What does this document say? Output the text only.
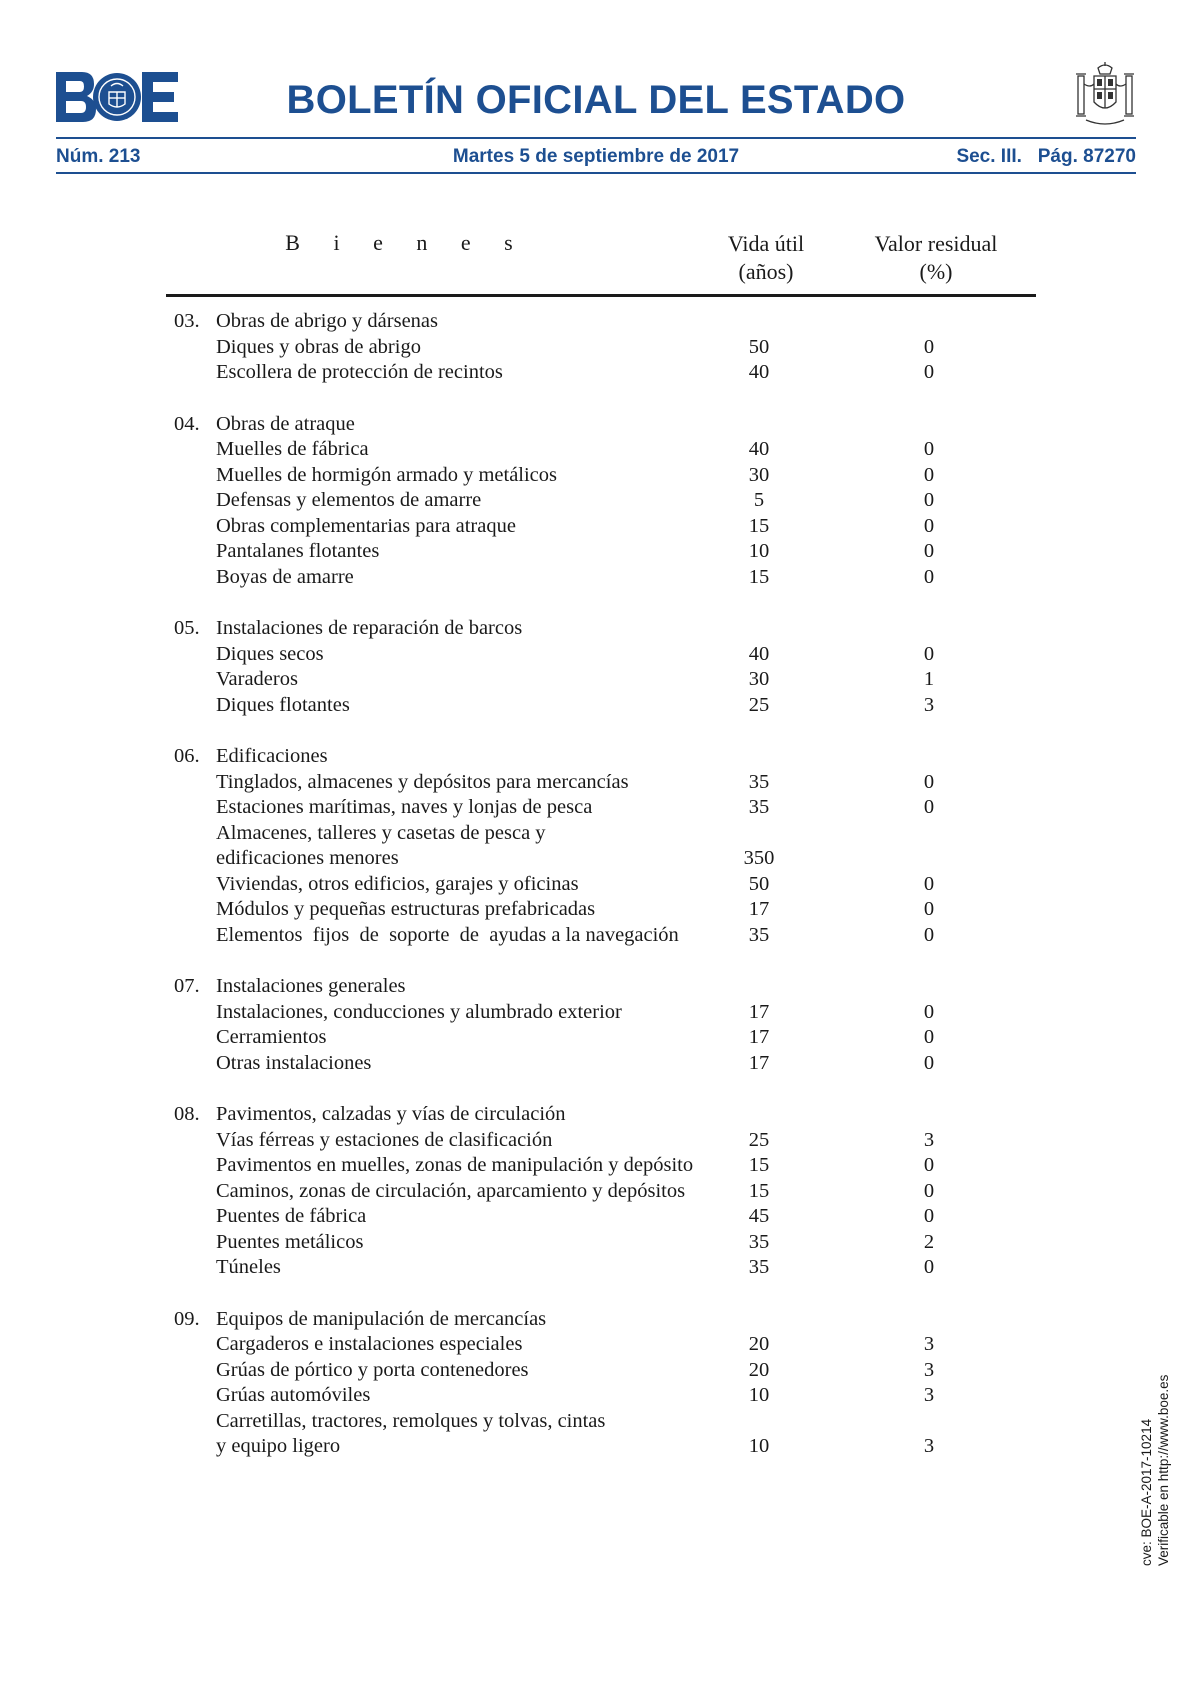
BOLETÍN OFICIAL DEL ESTADO
Núm. 213	Martes 5 de septiembre de 2017	Sec. III.   Pág. 87270
B i e n e s	Vida útil
(años)
Valor residual
(%)
03. Obras de abrigo y dársenas
Diques y obras de abrigo	50	0
Escollera de protección de recintos	40	0
04. Obras de atraque
Muelles de fábrica	40	0
Muelles de hormigón armado y metálicos	30	0
Defensas y elementos de amarre	5	0
Obras complementarias para atraque	15	0
Pantalanes flotantes	10	0
Boyas de amarre	15	0
05. Instalaciones de reparación de barcos
Diques secos	40	0
Varaderos	30	1
Diques flotantes	25	3
06. Edificaciones
Tinglados, almacenes y depósitos para mercancías	35	0
Estaciones marítimas, naves y lonjas de pesca	35	0
Almacenes, talleres y casetas de pesca y
edificaciones menores	350
Viviendas, otros edificios, garajes y oficinas	50	0
Módulos y pequeñas estructuras prefabricadas	17	0
Elementos  fijos  de  soporte  de  ayudas a la navegación	35	0
07. Instalaciones generales
Instalaciones, conducciones y alumbrado exterior	17	0
Cerramientos	17	0
Otras instalaciones	17	0
08. Pavimentos, calzadas y vías de circulación
Vías férreas y estaciones de clasificación	25	3
Pavimentos en muelles, zonas de manipulación y depósito	15	0
Caminos, zonas de circulación, aparcamiento y depósitos	15	0
Puentes de fábrica	45	0
Puentes metálicos	35	2
Túneles	35	0
09. Equipos de manipulación de mercancías
Cargaderos e instalaciones especiales	20	3
Grúas de pórtico y porta contenedores	20	3
Grúas automóviles	10	3
Carretillas, tractores, remolques y tolvas, cintas
y equipo ligero	10	3	cve: BOE-A-2017-10214 Verificable en http://www.boe.es
